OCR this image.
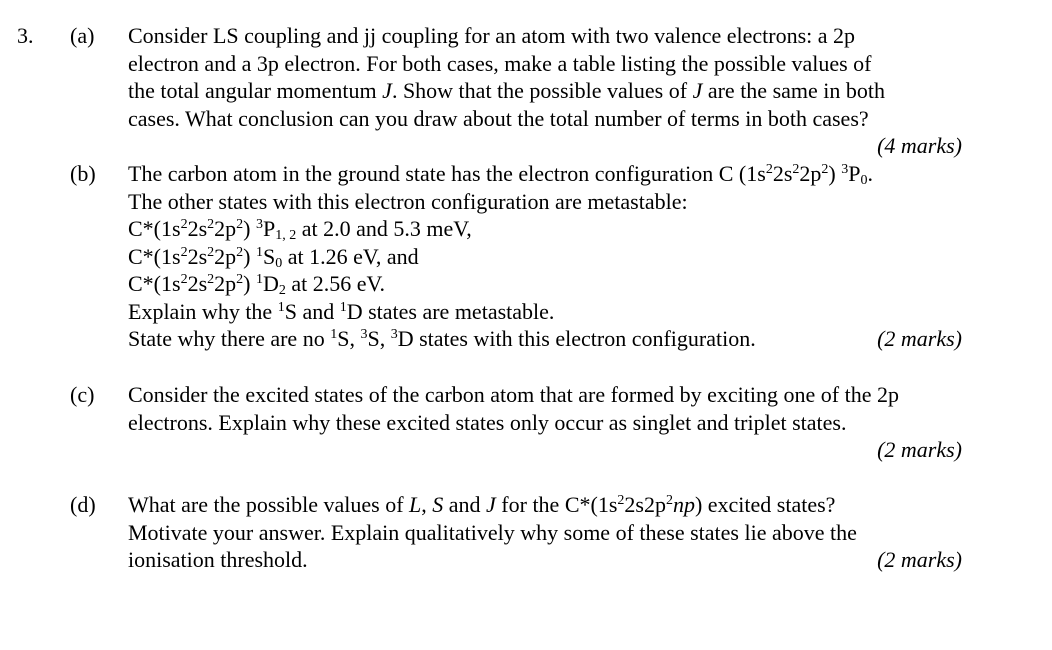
3. (a) Consider LS coupling and jj coupling for an atom with two valence electrons: a 2p
electron and a 3p electron. For both cases, make a table listing the possible values of
the total angular momentum J. Show that the possible values of J are the same in both
cases. What conclusion can you draw about the total number of terms in both cases?
(4 marks)
(b) The carbon atom in the ground state has the electron configuration C $(1s^22s^22p^2)$ $^3P_0$.
The other states with this electron configuration are metastable:
$C*(1s^22s^22p^2)$ $^3P_{1, 2}$ at 2.0 and 5.3 meV,
$C*(1s^22s^22p^2)$ $^1S_0$ at 1.26 eV, and
$C*(1s^22s^22p^2)$ $^1D_2$ at 2.56 eV.
Explain why the $^1$S and $^1$D states are metastable.
State why there are no $^1$S, $^3$S, $^3$D states with this electron configuration.	(2 marks)
(c) Consider the excited states of the carbon atom that are formed by exciting one of the 2p
electrons. Explain why these excited states only occur as singlet and triplet states.
(2 marks)
(d) What are the possible values of L, S and J for the $C*(1s^22s2p^2np)$ excited states?
Motivate your answer. Explain qualitatively why some of these states lie above the
ionisation threshold.	(2 marks)
